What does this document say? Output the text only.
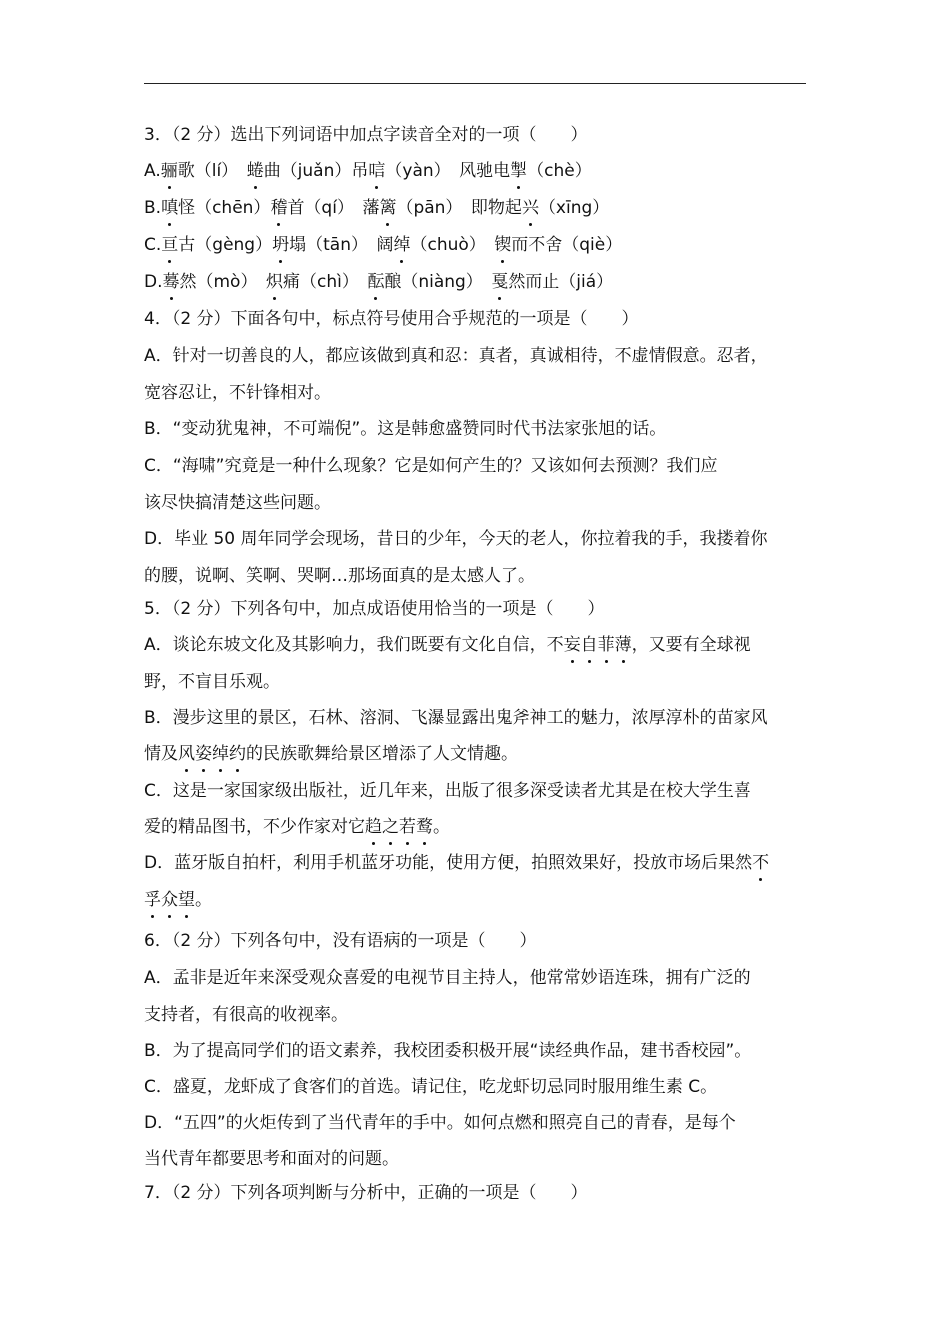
3．（2 分）选出下列词语中加点字读音全对的一项（　　）
A.骊歌（lí）　蜷曲（juǎn）吊唁（yàn）　风驰电掣（chè）
B.嗔怪（chēn）稽首（qí）　藩篱（pān）　即物起兴（xīng）
C.亘古（gèng）坍塌（tān）　阔绰（chuò）　锲而不舍（qiè）
D.蓦然（mò）　炽痛（chì）　酝酿（niàng）　戛然而止（jiá）
4．（2 分）下面各句中，标点符号使用合乎规范的一项是（　　）
A．针对一切善良的人，都应该做到真和忍：真者，真诚相待，不虚情假意。忍者，
宽容忍让，不针锋相对。
B．“变动犹鬼神，不可端倪”。这是韩愈盛赞同时代书法家张旭的话。
C．“海啸”究竟是一种什么现象？它是如何产生的？又该如何去预测？我们应
该尽快搞清楚这些问题。
D．毕业 50 周年同学会现场，昔日的少年，今天的老人，你拉着我的手，我搂着你
的腰，说啊、笑啊、哭啊…那场面真的是太感人了。
5．（2 分）下列各句中，加点成语使用恰当的一项是（　　）
A．谈论东坡文化及其影响力，我们既要有文化自信，不妄自菲薄，又要有全球视
野，不盲目乐观。
B．漫步这里的景区，石林、溶洞、飞瀑显露出鬼斧神工的魅力，浓厚淳朴的苗家风
情及风姿绰约的民族歌舞给景区增添了人文情趣。
C．这是一家国家级出版社，近几年来，出版了很多深受读者尤其是在校大学生喜
爱的精品图书，不少作家对它趋之若鹜。
D．蓝牙版自拍杆，利用手机蓝牙功能，使用方便，拍照效果好，投放市场后果然不
孚众望。
6．（2 分）下列各句中，没有语病的一项是（　　）
A．孟非是近年来深受观众喜爱的电视节目主持人，他常常妙语连珠，拥有广泛的
支持者，有很高的收视率。
B．为了提高同学们的语文素养，我校团委积极开展“读经典作品，建书香校园”。
C．盛夏，龙虾成了食客们的首选。请记住，吃龙虾切忌同时服用维生素 C。
D．“五四”的火炬传到了当代青年的手中。如何点燃和照亮自己的青春，是每个
当代青年都要思考和面对的问题。
7．（2 分）下列各项判断与分析中，正确的一项是（　　）
